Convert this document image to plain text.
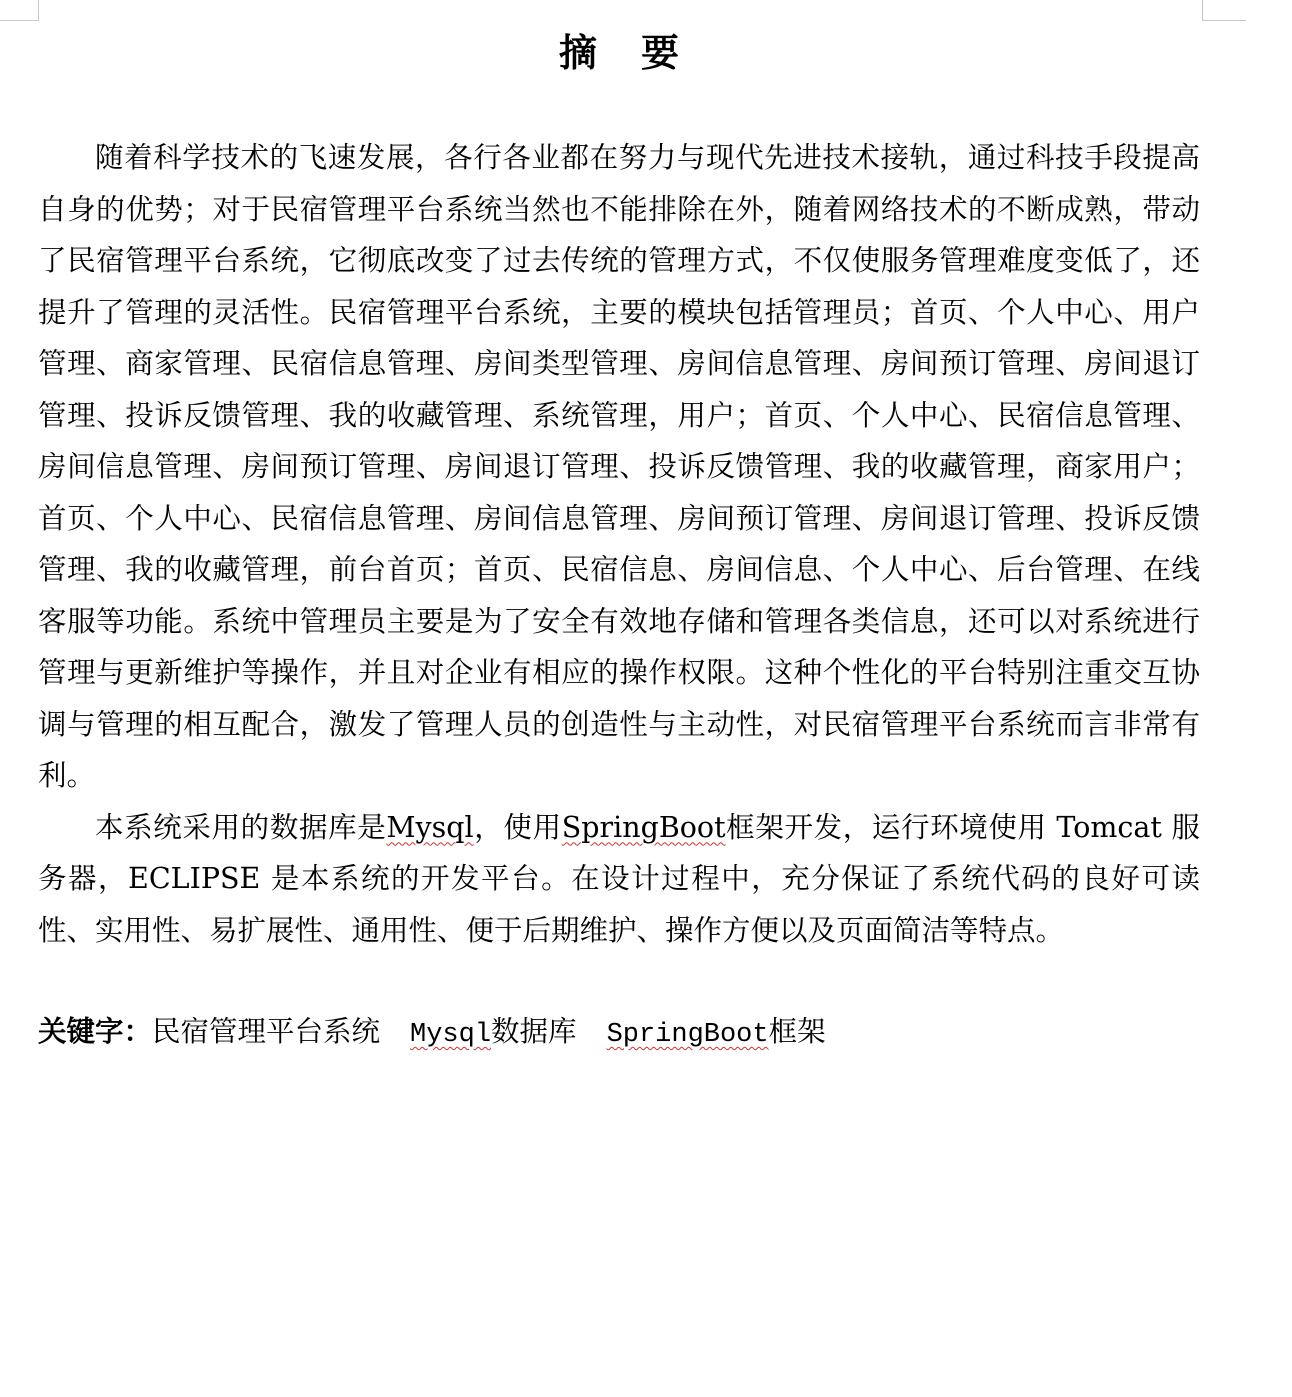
摘 要

随着科学技术的飞速发展，各行各业都在努力与现代先进技术接轨，通过科技手段提高自身的优势；对于民宿管理平台系统当然也不能排除在外，随着网络技术的不断成熟，带动了民宿管理平台系统，它彻底改变了过去传统的管理方式，不仅使服务管理难度变低了，还提升了管理的灵活性。民宿管理平台系统，主要的模块包括管理员；首页、个人中心、用户管理、商家管理、民宿信息管理、房间类型管理、房间信息管理、房间预订管理、房间退订管理、投诉反馈管理、我的收藏管理、系统管理，用户；首页、个人中心、民宿信息管理、房间信息管理、房间预订管理、房间退订管理、投诉反馈管理、我的收藏管理，商家用户；首页、个人中心、民宿信息管理、房间信息管理、房间预订管理、房间退订管理、投诉反馈管理、我的收藏管理，前台首页；首页、民宿信息、房间信息、个人中心、后台管理、在线客服等功能。系统中管理员主要是为了安全有效地存储和管理各类信息，还可以对系统进行管理与更新维护等操作，并且对企业有相应的操作权限。这种个性化的平台特别注重交互协调与管理的相互配合，激发了管理人员的创造性与主动性，对民宿管理平台系统而言非常有利。

本系统采用的数据库是Mysql，使用SpringBoot框架开发，运行环境使用 Tomcat 服务器，ECLIPSE 是本系统的开发平台。在设计过程中，充分保证了系统代码的良好可读性、实用性、易扩展性、通用性、便于后期维护、操作方便以及页面简洁等特点。

关键字：民宿管理平台系统 Mysql数据库 SpringBoot框架
